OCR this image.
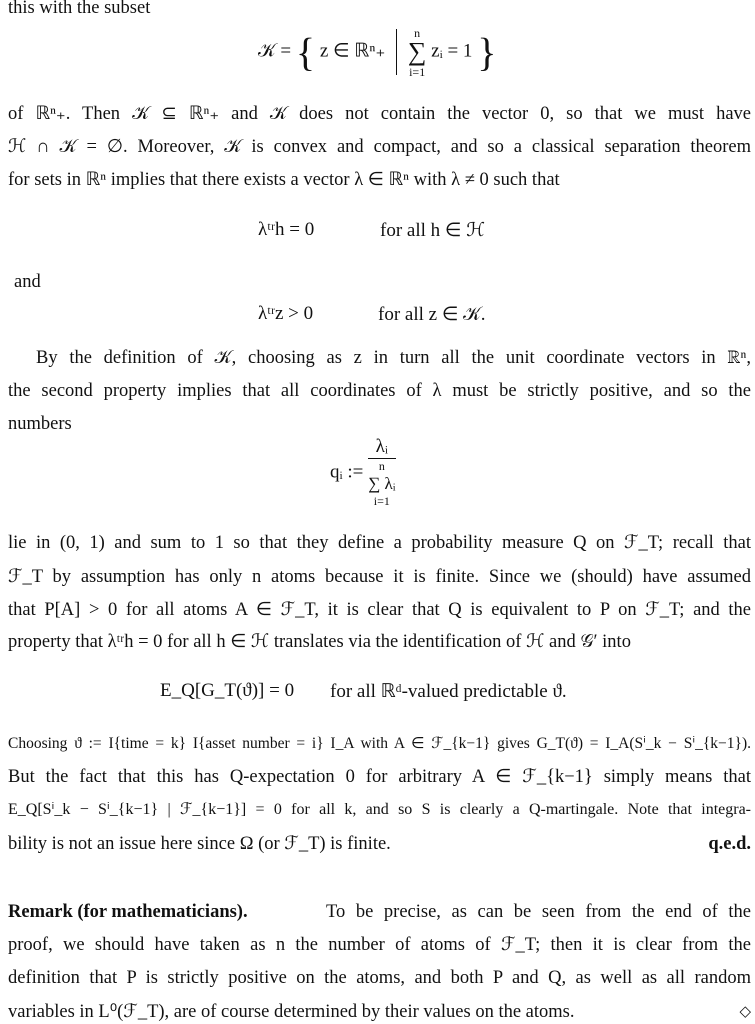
this with the subset
𝒦 = { z ∈ ℝⁿ₊  n
∑
i=1 zᵢ = 1 }
of ℝⁿ₊. Then 𝒦 ⊆ ℝⁿ₊ and 𝒦 does not contain the vector 0, so that we must have
ℋ ∩ 𝒦 = ∅. Moreover, 𝒦 is convex and compact, and so a classical separation theorem
for sets in ℝⁿ implies that there exists a vector λ ∈ ℝⁿ with λ ≠ 0 such that
λᵗʳh = 0	for all h ∈ ℋ
and
λᵗʳz > 0	for all z ∈ 𝒦.
By the definition of 𝒦, choosing as z in turn all the unit coordinate vectors in ℝⁿ,
the second property implies that all coordinates of λ must be strictly positive, and so the
numbers
qᵢ :=
λᵢ
n
∑ λᵢ
i=1
lie in (0, 1) and sum to 1 so that they define a probability measure Q on ℱ_T; recall that
ℱ_T by assumption has only n atoms because it is finite. Since we (should) have assumed
that P[A] > 0 for all atoms A ∈ ℱ_T, it is clear that Q is equivalent to P on ℱ_T; and the
property that λᵗʳh = 0 for all h ∈ ℋ translates via the identification of ℋ and 𝒢′ into
E_Q[G_T(ϑ)] = 0 for all ℝᵈ-valued predictable ϑ.
Choosing ϑ := I{time = k} I{asset number = i} I_A with A ∈ ℱ_{k−1} gives G_T(ϑ) = I_A(Sⁱ_k − Sⁱ_{k−1}).
But the fact that this has Q-expectation 0 for arbitrary A ∈ ℱ_{k−1} simply means that
E_Q[Sⁱ_k − Sⁱ_{k−1} | ℱ_{k−1}] = 0 for all k, and so S is clearly a Q-martingale. Note that integra-
bility is not an issue here since Ω (or ℱ_T) is finite.	q.e.d.
Remark (for mathematicians).	To be precise, as can be seen from the end of the
proof, we should have taken as n the number of atoms of ℱ_T; then it is clear from the
definition that P is strictly positive on the atoms, and both P and Q, as well as all random
variables in L⁰(ℱ_T), are of course determined by their values on the atoms.	◇
